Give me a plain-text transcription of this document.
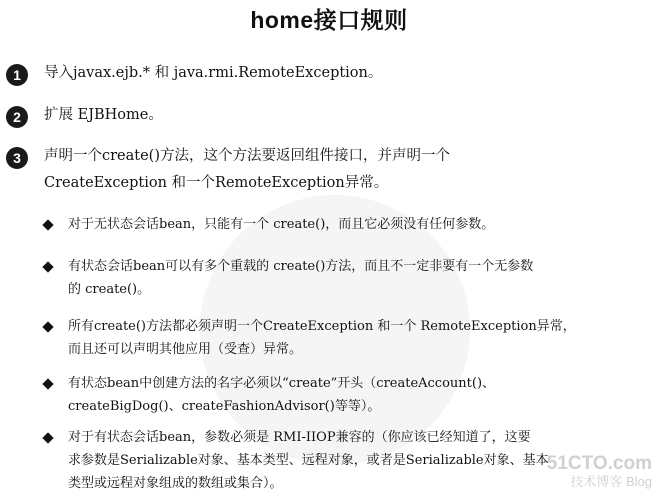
home接口规则
1	导入javax.ejb.* 和 java.rmi.RemoteException。
2	扩展 EJBHome。
3	声明一个create()方法，这个方法要返回组件接口，并声明一个
CreateException 和一个RemoteException异常。
对于无状态会话bean，只能有一个 create()，而且它必须没有任何参数。
有状态会话bean可以有多个重载的 create()方法，而且不一定非要有一个无参数
的 create()。
所有create()方法都必须声明一个CreateException 和一个 RemoteException异常，
而且还可以声明其他应用（受查）异常。
有状态bean中创建方法的名字必须以“create”开头（createAccount()、
createBigDog()、createFashionAdvisor()等等）。
对于有状态会话bean，参数必须是 RMI-IIOP兼容的（你应该已经知道了，这要
求参数是Serializable对象、基本类型、远程对象，或者是Serializable对象、基本
类型或远程对象组成的数组或集合）。
51CTO.com
技术博客 Blog
